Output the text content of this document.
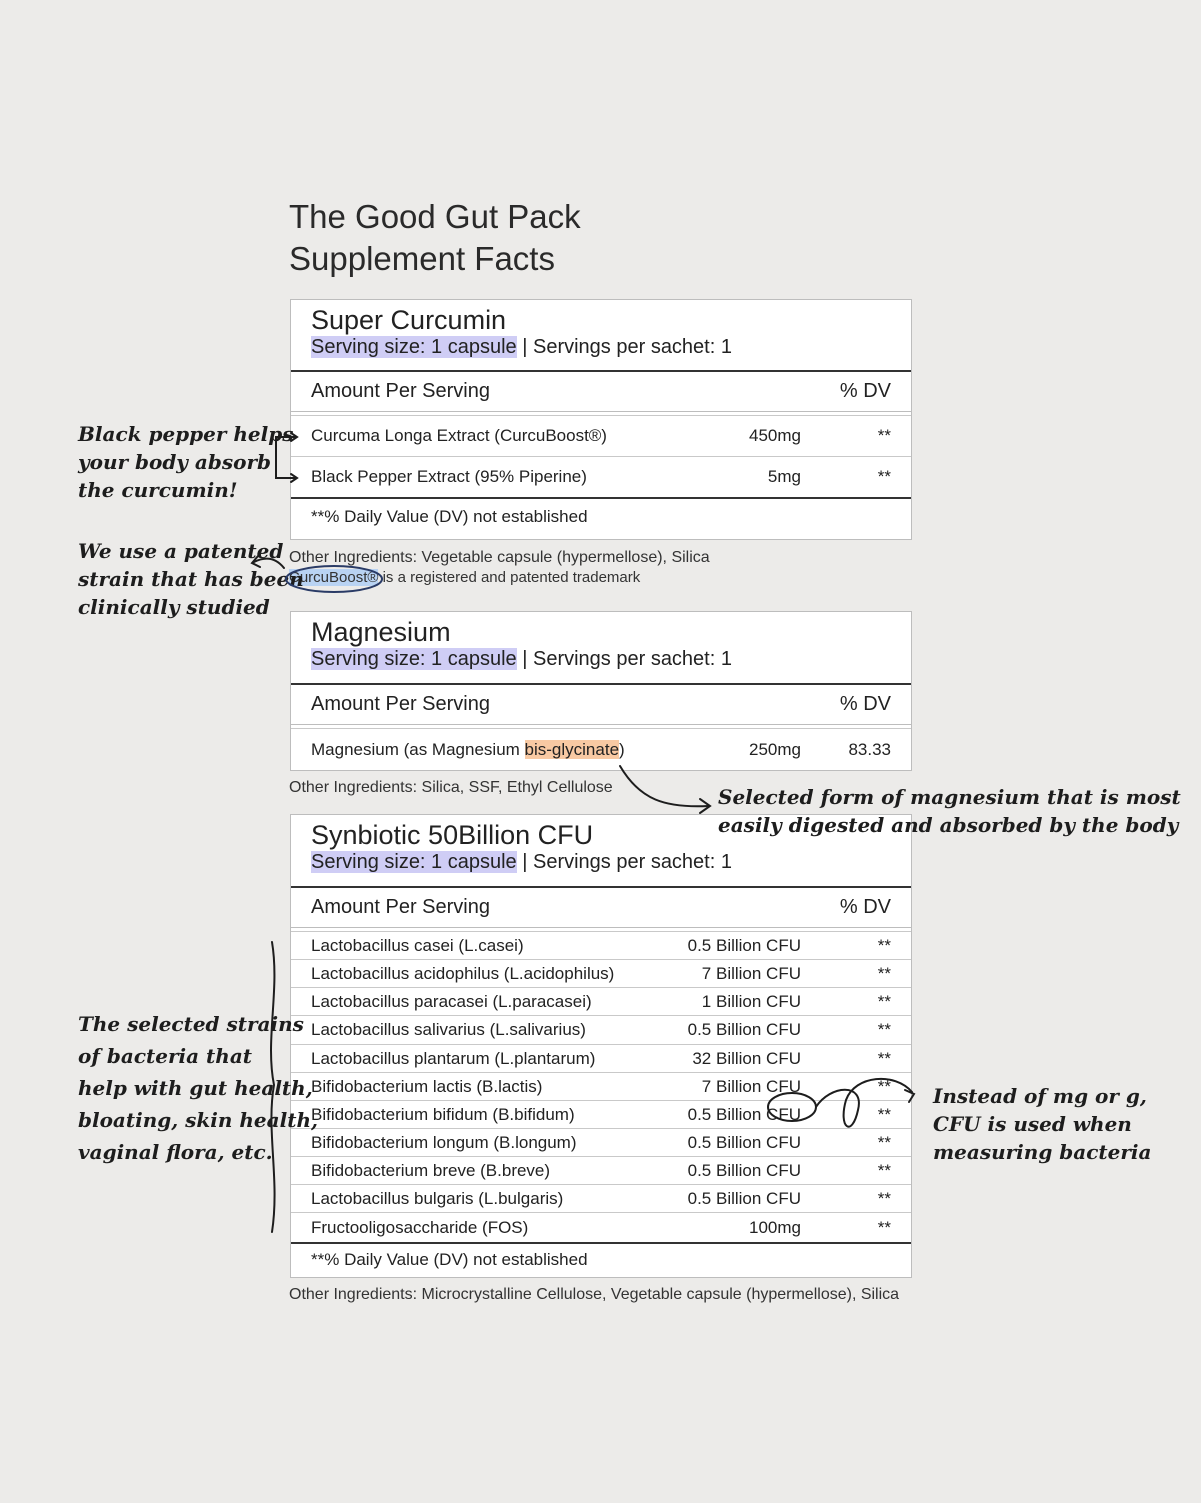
The Good Gut Pack
Supplement Facts
Super Curcumin
Serving size: 1 capsule | Servings per sachet: 1
Amount Per Serving	% DV
Curcuma Longa Extract (CurcuBoost®)	450mg	**
Black Pepper Extract (95% Piperine)	5mg	**
**% Daily Value (DV) not established
Other Ingredients: Vegetable capsule (hypermellose), Silica
CurcuBoost® is a registered and patented trademark
Magnesium
Serving size: 1 capsule | Servings per sachet: 1
Amount Per Serving	% DV
Magnesium (as Magnesium bis-glycinate)	250mg	83.33
Other Ingredients: Silica, SSF, Ethyl Cellulose
Synbiotic 50Billion CFU
Serving size: 1 capsule | Servings per sachet: 1
Amount Per Serving	% DV
Lactobacillus casei (L.casei)	0.5 Billion CFU	**
Lactobacillus acidophilus (L.acidophilus)	7 Billion CFU	**
Lactobacillus paracasei (L.paracasei)	1 Billion CFU	**
Lactobacillus salivarius (L.salivarius)	0.5 Billion CFU	**
Lactobacillus plantarum (L.plantarum)	32 Billion CFU	**
Bifidobacterium lactis (B.lactis)	7 Billion CFU	**
Bifidobacterium bifidum (B.bifidum)	0.5 Billion CFU	**
Bifidobacterium longum (B.longum)	0.5 Billion CFU	**
Bifidobacterium breve (B.breve)	0.5 Billion CFU	**
Lactobacillus bulgaris (L.bulgaris)	0.5 Billion CFU	**
Fructooligosaccharide (FOS)	100mg	**
**% Daily Value (DV) not established
Other Ingredients: Microcrystalline Cellulose, Vegetable capsule (hypermellose), Silica
Black pepper helps
your body absorb
the curcumin!
We use a patented
strain that has been
clinically studied
Selected form of magnesium that is most
easily digested and absorbed by the body
The selected strains
of bacteria that
help with gut health,
bloating, skin health,
vaginal flora, etc.
Instead of mg or g,
CFU is used when
measuring bacteria
